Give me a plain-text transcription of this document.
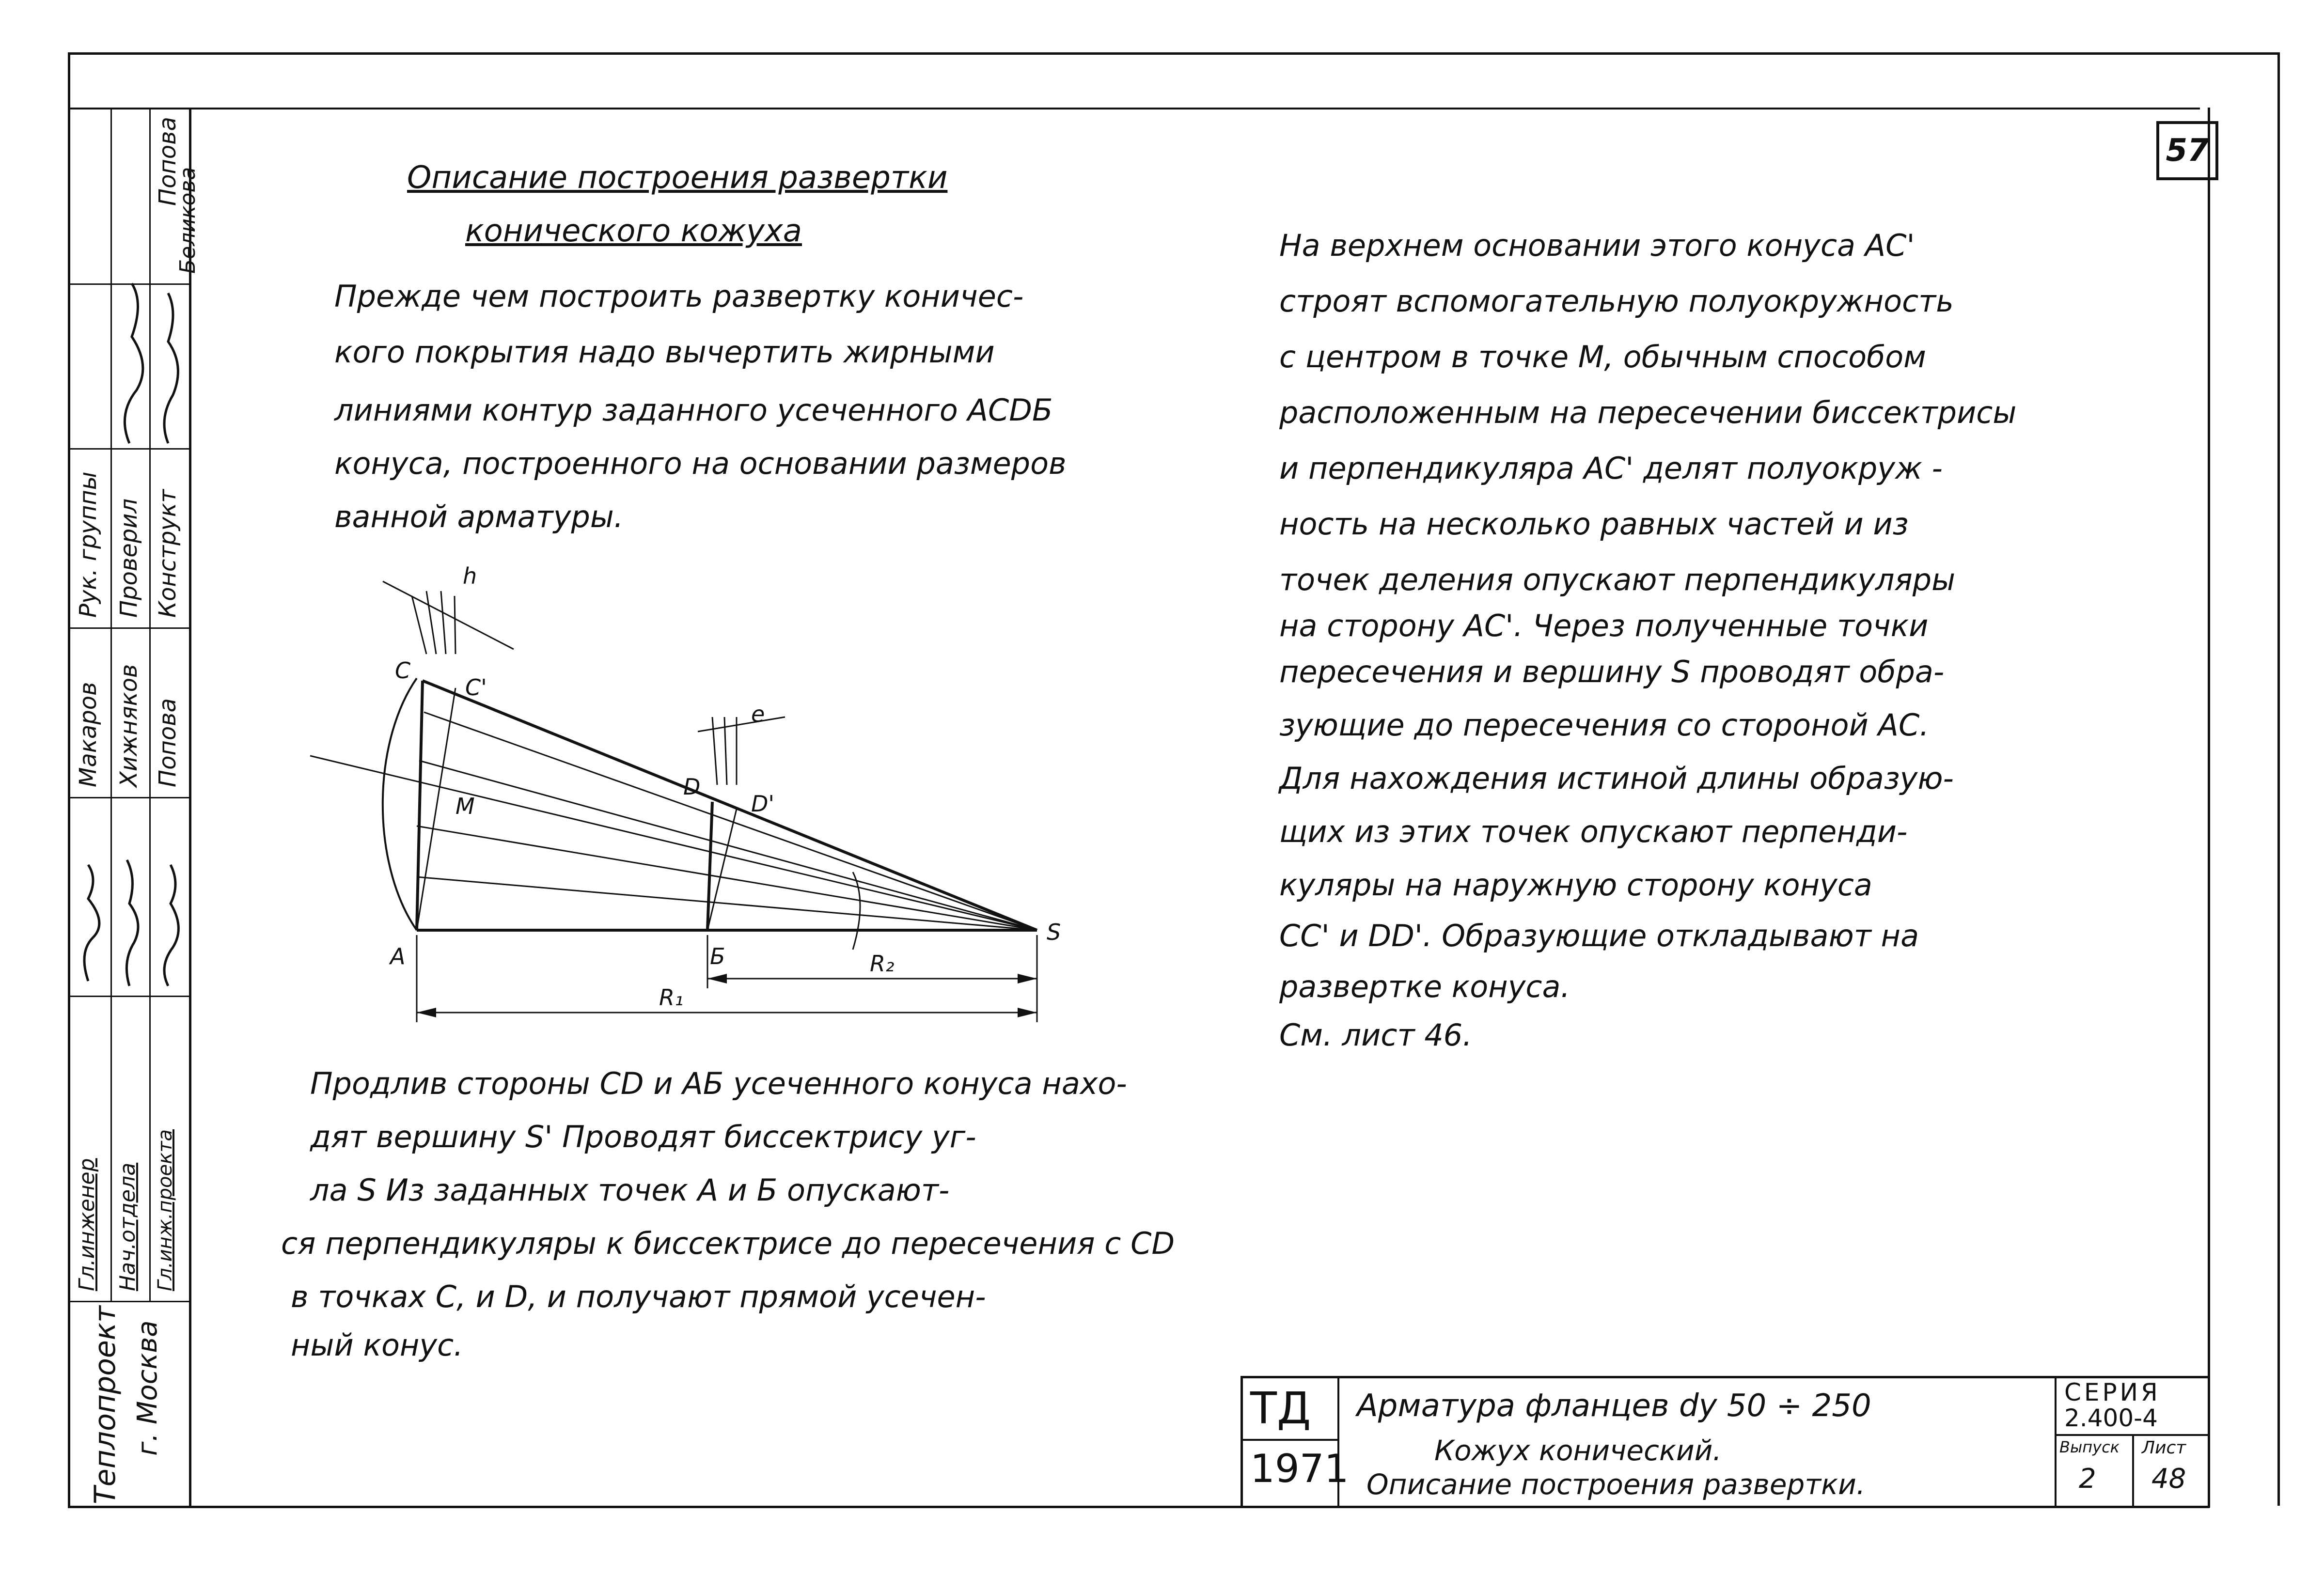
57
Попова
Беликова
Рук. группы Проверил Конструкт
Макаров Хижняков Попова
Гл.инженер Нач.отдела Гл.инж.проекта
Теплопроект г. Москва
Описание построения развертки
конического кожуха
Прежде чем построить развертку коничес-
кого покрытия надо вычертить жирными
линиями контур заданного усеченного АСDБ
конуса, построенного на основании размеров
ванной арматуры.
На верхнем основании этого конуса АС'
строят вспомогательную полуокружность
с центром в точке М, обычным способом
расположенным на пересечении биссектрисы
и перпендикуляра АС' делят полуокруж -
ность на несколько равных частей и из
точек деления опускают перпендикуляры
на сторону АС'. Через полученные точки
пересечения и вершину S проводят обра-
зующие до пересечения со стороной АС.
Для нахождения истиной длины образую-
щих из этих точек опускают перпенди-
куляры на наружную сторону конуса
СС' и DD'. Образующие откладывают на
развертке конуса.
См. лист 46.
C
C'
M
A
D
D'
Б
S
R₁
R₂
h
e
Продлив стороны СD и АБ усеченного конуса нахо-
дят вершину S' Проводят биссектрису уг-
ла S Из заданных точек А и Б опускают-
ся перпендикуляры к биссектрисе до пересечения с СD
в точках С, и D, и получают прямой усечен-
ный конус.
ТД
1971
Арматура фланцев dy 50 ÷ 250
Кожух конический.
Описание построения развертки.
СЕРИЯ
2.400-4
Выпуск
2
Лист
48
